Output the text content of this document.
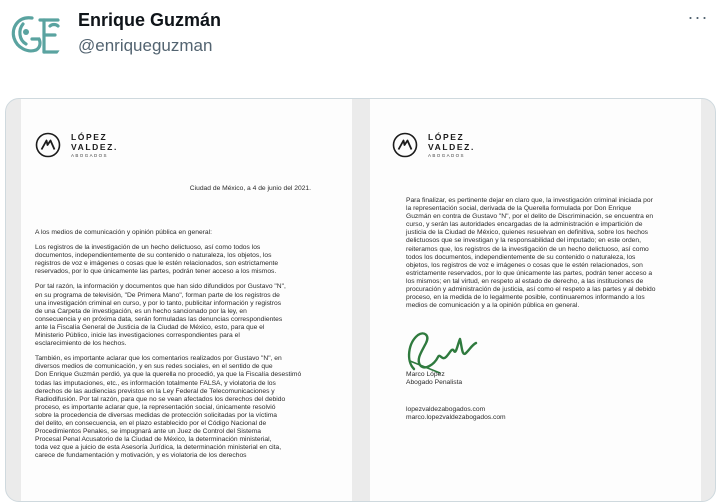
Enrique Guzmán
@enriqueguzman
···
LÓPEZ
VALDEZ.
ABOGADOS
Ciudad de México, a 4 de junio del 2021.
A los medios de comunicación y opinión pública en general:
Los registros de la investigación de un hecho delictuoso, así como todos los
documentos, independientemente de su contenido o naturaleza, los objetos, los
registros de voz e imágenes o cosas que le estén relacionados, son estrictamente
reservados, por lo que únicamente las partes, podrán tener acceso a los mismos.
Por tal razón, la información y documentos que han sido difundidos por Gustavo "N",
en su programa de televisión, "De Primera Mano", forman parte de los registros de
una investigación criminal en curso, y por lo tanto, publicitar información y registros
de una Carpeta de investigación, es un hecho sancionado por la ley, en
consecuencia y en próxima data, serán formuladas las denuncias correspondientes
ante la Fiscalía General de Justicia de la Ciudad de México, esto, para que el
Ministerio Público, inicie las investigaciones correspondientes para el
esclarecimiento de los hechos.
También, es importante aclarar que los comentarios realizados por Gustavo "N", en
diversos medios de comunicación, y en sus redes sociales, en el sentido de que
Don Enrique Guzmán perdió, ya que la querella no procedió, ya que la Fiscalía desestimó
todas las imputaciones, etc., es información totalmente FALSA, y violatoria de los
derechos de las audiencias previstos en la Ley Federal de Telecomunicaciones y
Radiodifusión. Por tal razón, para que no se vean afectados los derechos del debido
proceso, es importante aclarar que, la representación social, únicamente resolvió
sobre la procedencia de diversas medidas de protección solicitadas por la víctima
del delito, en consecuencia, en el plazo establecido por el Código Nacional de
Procedimientos Penales, se impugnará ante un Juez de Control del Sistema
Procesal Penal Acusatorio de la Ciudad de México, la determinación ministerial,
toda vez que a juicio de esta Asesoría Jurídica, la determinación ministerial en cita,
carece de fundamentación y motivación, y es violatoria de los derechos
LÓPEZ
VALDEZ.
ABOGADOS
Para finalizar, es pertinente dejar en claro que, la investigación criminal iniciada por
la representación social, derivada de la Querella formulada por Don Enrique
Guzmán en contra de Gustavo "N", por el delito de Discriminación, se encuentra en
curso, y serán las autoridades encargadas de la administración e impartición de
justicia de la Ciudad de México, quienes resuelvan en definitiva, sobre los hechos
delictuosos que se investigan y la responsabilidad del imputado; en este orden,
reiteramos que, los registros de la investigación de un hecho delictuoso, así como
todos los documentos, independientemente de su contenido o naturaleza, los
objetos, los registros de voz e imágenes o cosas que le estén relacionados, son
estrictamente reservados, por lo que únicamente las partes, podrán tener acceso a
los mismos; en tal virtud, en respeto al estado de derecho, a las instituciones de
procuración y administración de justicia, así como el respeto a las partes y al debido
proceso, en la medida de lo legalmente posible, continuaremos informando a los
medios de comunicación y a la opinión pública en general.
Marco López
Abogado Penalista
lopezvaldezabogados.com
marco.lopezvaldezabogados.com
